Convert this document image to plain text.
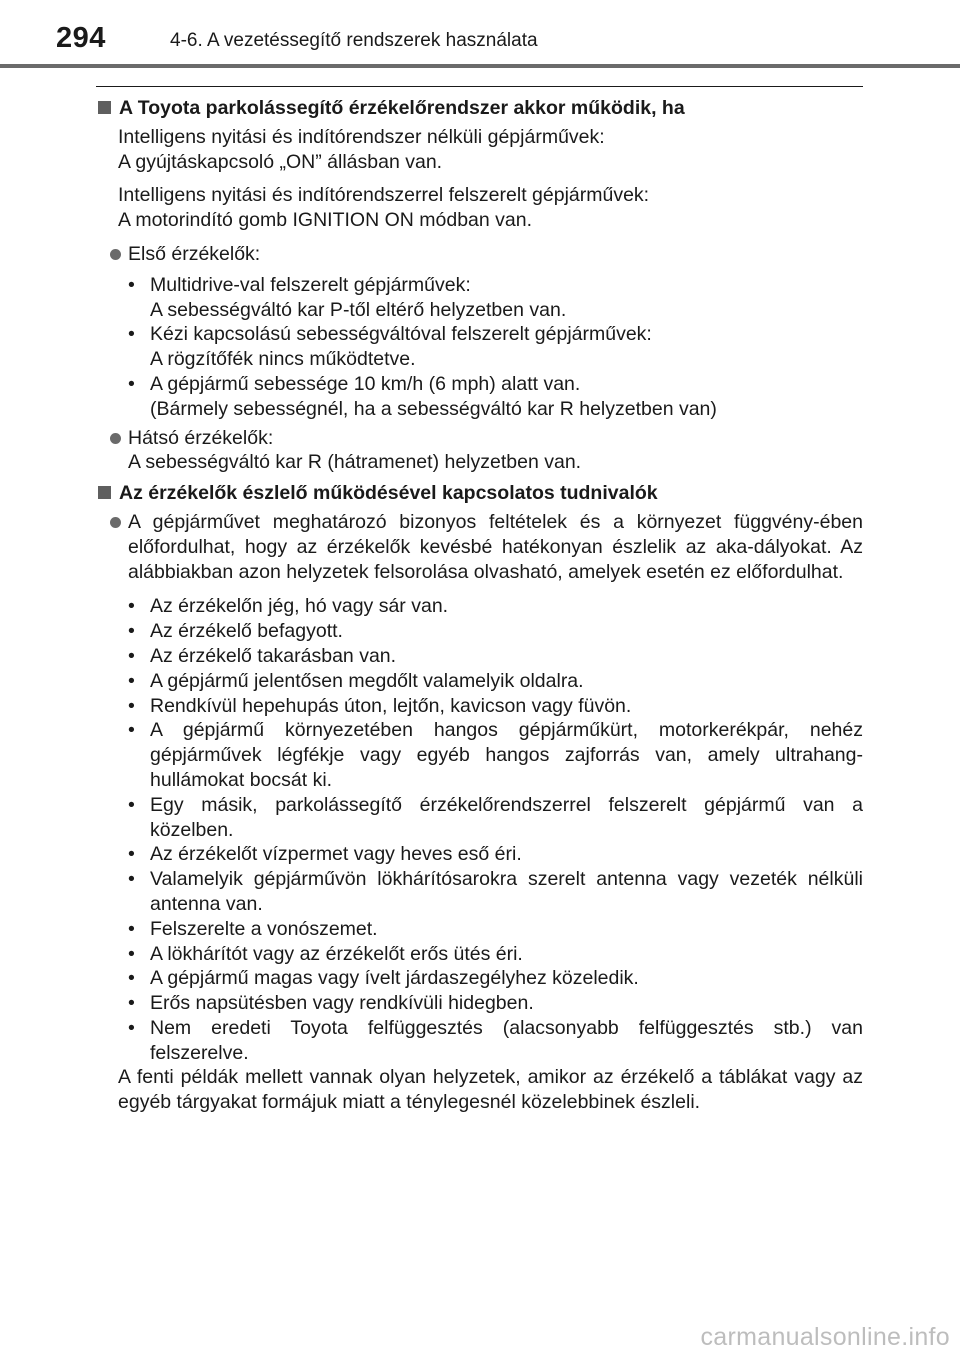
294	4-6. A vezetéssegítő rendszerek használata
A Toyota parkolássegítő érzékelőrendszer akkor működik, ha
Intelligens nyitási és indítórendszer nélküli gépjárművek:
A gyújtáskapcsoló „ON” állásban van.
Intelligens nyitási és indítórendszerrel felszerelt gépjárművek:
A motorindító gomb IGNITION ON módban van.
Első érzékelők:
• Multidrive-val felszerelt gépjárművek:
A sebességváltó kar P-től eltérő helyzetben van.
• Kézi kapcsolású sebességváltóval felszerelt gépjárművek:
A rögzítőfék nincs működtetve.
• A gépjármű sebessége 10 km/h (6 mph) alatt van.
(Bármely sebességnél, ha a sebességváltó kar R helyzetben van)
Hátsó érzékelők:
A sebességváltó kar R (hátramenet) helyzetben van.
Az érzékelők észlelő működésével kapcsolatos tudnivalók
A gépjárművet meghatározó bizonyos feltételek és a környezet függvény-ében előfordulhat, hogy az érzékelők kevésbé hatékonyan észlelik az aka-dályokat. Az alábbiakban azon helyzetek felsorolása olvasható, amelyek esetén ez előfordulhat.
• Az érzékelőn jég, hó vagy sár van.
• Az érzékelő befagyott.
• Az érzékelő takarásban van.
• A gépjármű jelentősen megdőlt valamelyik oldalra.
• Rendkívül hepehupás úton, lejtőn, kavicson vagy füvön.
• A gépjármű környezetében hangos gépjárműkürt, motorkerékpár, nehéz gépjárművek légfékje vagy egyéb hangos zajforrás van, amely ultrahang-hullámokat bocsát ki.
• Egy másik, parkolássegítő érzékelőrendszerrel felszerelt gépjármű van a közelben.
• Az érzékelőt vízpermet vagy heves eső éri.
• Valamelyik gépjárművön lökhárítósarokra szerelt antenna vagy vezeték nélküli antenna van.
• Felszerelte a vonószemet.
• A lökhárítót vagy az érzékelőt erős ütés éri.
• A gépjármű magas vagy ívelt járdaszegélyhez közeledik.
• Erős napsütésben vagy rendkívüli hidegben.
• Nem eredeti Toyota felfüggesztés (alacsonyabb felfüggesztés stb.) van felszerelve.
A fenti példák mellett vannak olyan helyzetek, amikor az érzékelő a táblákat vagy az egyéb tárgyakat formájuk miatt a ténylegesnél közelebbinek észleli.
carmanualsonline.info
